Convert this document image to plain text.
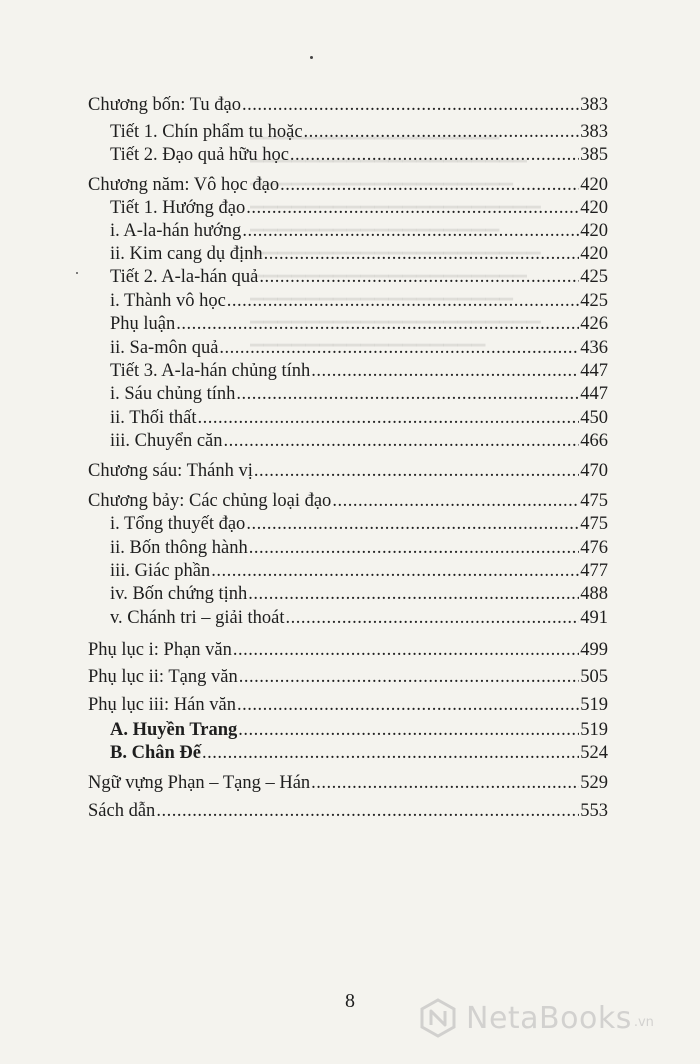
▁▁▁▁▁▁▁▁▁▁▁▁▁▁▁▁▁▁
▁▁▁▁▁▁▁▁▁▁▁▁▁▁▁▁▁▁▁▁
▁▁▁▁▁▁▁▁▁▁▁▁▁▁▁▁▁▁▁
▁▁▁▁▁▁▁▁▁▁▁▁▁▁▁▁▁▁▁▁▁
▁▁▁▁▁▁▁▁▁▁▁▁▁▁▁▁▁▁
▁▁▁▁▁▁▁▁▁▁▁▁▁▁▁▁▁▁▁▁▁
▁▁▁▁▁▁▁▁▁▁▁▁▁▁▁▁▁▁▁▁
▁▁▁▁▁▁▁▁▁▁▁▁▁▁▁▁▁▁▁
▁▁▁▁▁▁▁▁▁▁▁▁▁▁▁▁▁▁▁▁▁
▁▁▁▁▁▁▁▁▁▁▁▁▁▁▁▁▁
Chương bốn: Tu đạo .....	383
Tiết 1. Chín phẩm tu hoặc .....	383
Tiết 2. Đạo quả hữu học .....	385
Chương năm: Vô học đạo .....	420
Tiết 1. Hướng đạo .....	420
i. A-la-hán hướng .....	420
ii. Kim cang dụ định .....	420
Tiết 2. A-la-hán quả .....	425
i. Thành vô học .....	425
Phụ luận .....	426
ii. Sa-môn quả .....	436
Tiết 3. A-la-hán chủng tính .....	447
i. Sáu chủng tính .....	447
ii. Thối thất .....	450
iii. Chuyển căn .....	466
Chương sáu: Thánh vị .....	470
Chương bảy: Các chủng loại đạo .....	475
i. Tổng thuyết đạo .....	475
ii. Bốn thông hành .....	476
iii. Giác phần .....	477
iv. Bốn chứng tịnh .....	488
v. Chánh tri – giải thoát .....	491
Phụ lục i: Phạn văn .....	499
Phụ lục ii: Tạng văn .....	505
Phụ lục iii: Hán văn .....	519
A. Huyền Trang .....	519
B. Chân Đế .....	524
Ngữ vựng Phạn – Tạng – Hán .....	529
Sách dẫn .....	553
8	NetaBooks .vn
